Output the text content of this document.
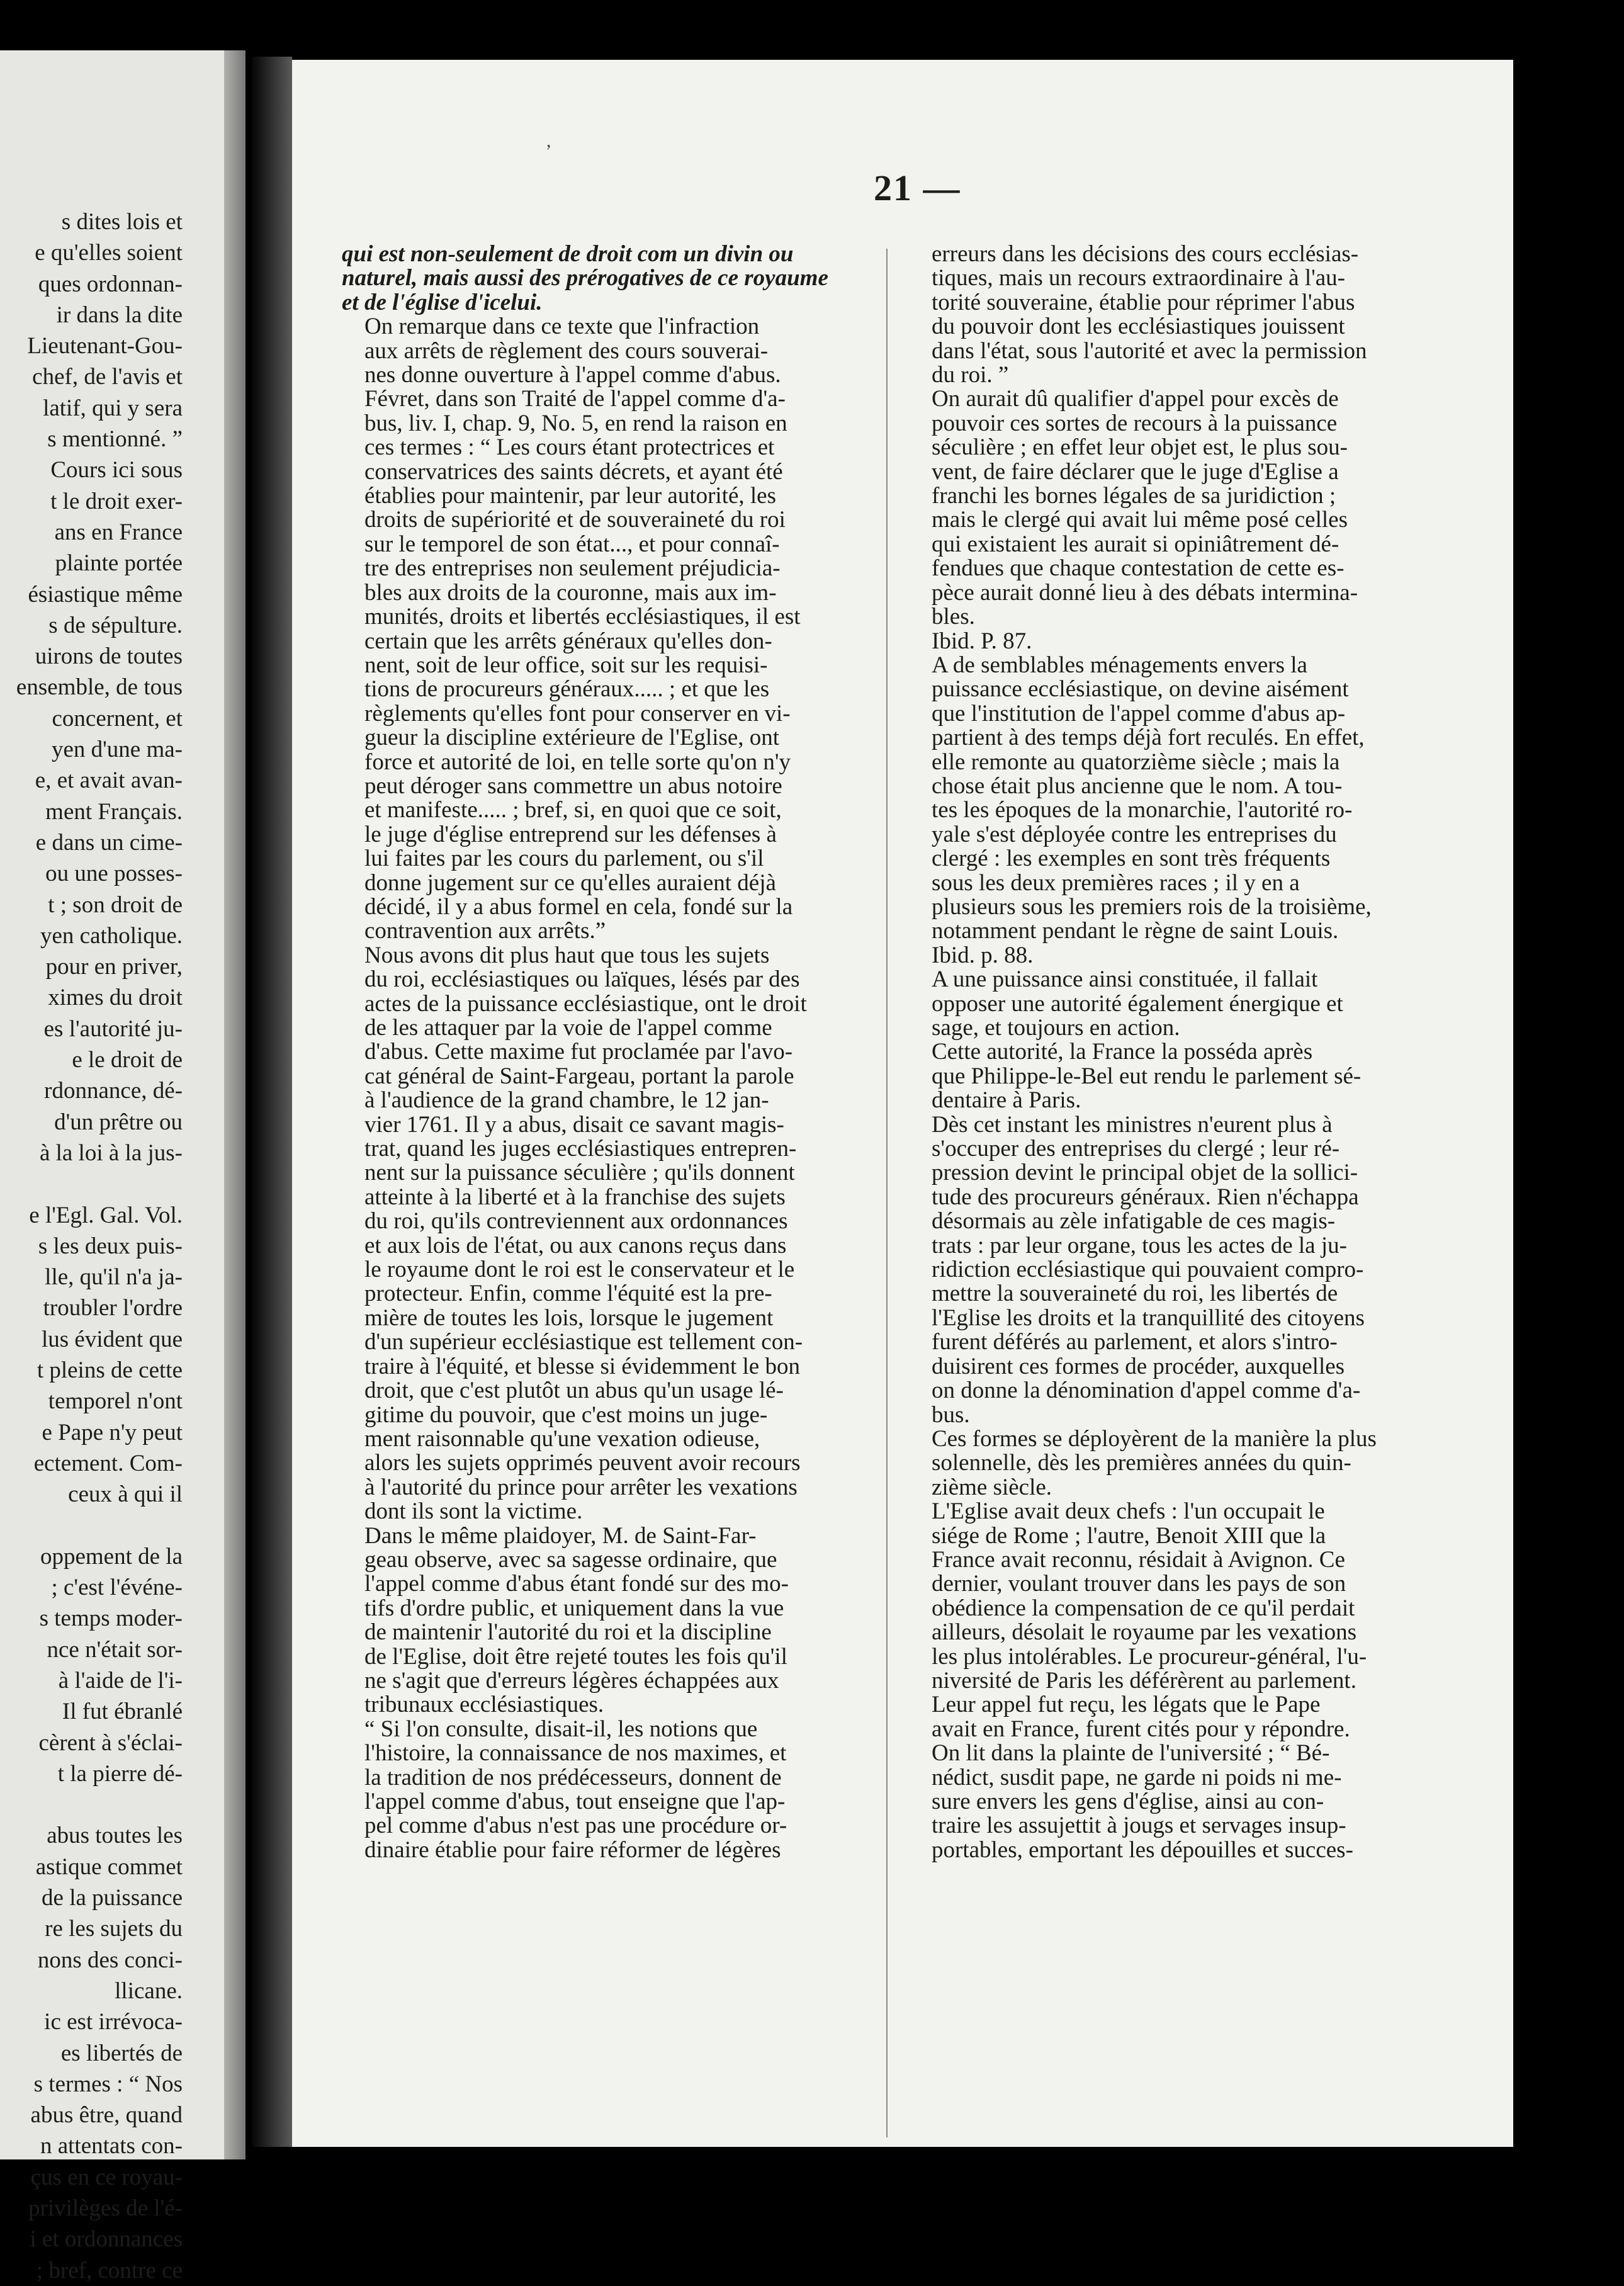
s dites lois et
e qu'elles soient
ques ordonnan-
ir dans la dite
Lieutenant-Gou-
chef, de l'avis et
latif, qui y sera
s mentionné. ”
Cours ici sous
t le droit exer-
ans en France
plainte portée
ésiastique même
s de sépulture.
uirons de toutes
ensemble, de tous
concernent, et
yen d'une ma-
e, et avait avan-
ment Français.
e dans un cime-
ou une posses-
t ; son droit de
yen catholique.
pour en priver,
ximes du droit
es l'autorité ju-
e le droit de
rdonnance, dé-
d'un prêtre ou
à la loi à la jus-

e l'Egl. Gal. Vol.
s les deux puis-
lle, qu'il n'a ja-
troubler l'ordre
lus évident que
t pleins de cette
temporel n'ont
e Pape n'y peut
ectement. Com-
ceux à qui il

oppement de la
; c'est l'événe-
s temps moder-
nce n'était sor-
à l'aide de l'i-
Il fut ébranlé
cèrent à s'éclai-
t la pierre dé-

abus toutes les
astique commet
de la puissance
re les sujets du
nons des conci-
llicane.
ic est irrévoca-
es libertés de
s termes : “ Nos
abus être, quand
n attentats con-
çus en ce royau-
privilèges de l'é-
i et ordonnances
; bref, contre ce
,
21 —

qui est non-seulement de droit com un divin ou
naturel, mais aussi des prérogatives de ce royaume
et de l'église d'icelui.

On remarque dans ce texte que l'infraction
aux arrêts de règlement des cours souverai-
nes donne ouverture à l'appel comme d'abus.
Févret, dans son Traité de l'appel comme d'a-
bus, liv. I, chap. 9, No. 5, en rend la raison en
ces termes : “ Les cours étant protectrices et
conservatrices des saints décrets, et ayant été
établies pour maintenir, par leur autorité, les
droits de supériorité et de souveraineté du roi
sur le temporel de son état..., et pour connaî-
tre des entreprises non seulement préjudicia-
bles aux droits de la couronne, mais aux im-
munités, droits et libertés ecclésiastiques, il est
certain que les arrêts généraux qu'elles don-
nent, soit de leur office, soit sur les requisi-
tions de procureurs généraux..... ; et que les
règlements qu'elles font pour conserver en vi-
gueur la discipline extérieure de l'Eglise, ont
force et autorité de loi, en telle sorte qu'on n'y
peut déroger sans commettre un abus notoire
et manifeste..... ; bref, si, en quoi que ce soit,
le juge d'église entreprend sur les défenses à
lui faites par les cours du parlement, ou s'il
donne jugement sur ce qu'elles auraient déjà
décidé, il y a abus formel en cela, fondé sur la
contravention aux arrêts.”

Nous avons dit plus haut que tous les sujets
du roi, ecclésiastiques ou laïques, lésés par des
actes de la puissance ecclésiastique, ont le droit
de les attaquer par la voie de l'appel comme
d'abus. Cette maxime fut proclamée par l'avo-
cat général de Saint-Fargeau, portant la parole
à l'audience de la grand chambre, le 12 jan-
vier 1761. Il y a abus, disait ce savant magis-
trat, quand les juges ecclésiastiques entrepren-
nent sur la puissance séculière ; qu'ils donnent
atteinte à la liberté et à la franchise des sujets
du roi, qu'ils contreviennent aux ordonnances
et aux lois de l'état, ou aux canons reçus dans
le royaume dont le roi est le conservateur et le
protecteur. Enfin, comme l'équité est la pre-
mière de toutes les lois, lorsque le jugement
d'un supérieur ecclésiastique est tellement con-
traire à l'équité, et blesse si évidemment le bon
droit, que c'est plutôt un abus qu'un usage lé-
gitime du pouvoir, que c'est moins un juge-
ment raisonnable qu'une vexation odieuse,
alors les sujets opprimés peuvent avoir recours
à l'autorité du prince pour arrêter les vexations
dont ils sont la victime.

Dans le même plaidoyer, M. de Saint-Far-
geau observe, avec sa sagesse ordinaire, que
l'appel comme d'abus étant fondé sur des mo-
tifs d'ordre public, et uniquement dans la vue
de maintenir l'autorité du roi et la discipline
de l'Eglise, doit être rejeté toutes les fois qu'il
ne s'agit que d'erreurs légères échappées aux
tribunaux ecclésiastiques.

“ Si l'on consulte, disait-il, les notions que
l'histoire, la connaissance de nos maximes, et
la tradition de nos prédécesseurs, donnent de
l'appel comme d'abus, tout enseigne que l'ap-
pel comme d'abus n'est pas une procédure or-
dinaire établie pour faire réformer de légères

erreurs dans les décisions des cours ecclésias-
tiques, mais un recours extraordinaire à l'au-
torité souveraine, établie pour réprimer l'abus
du pouvoir dont les ecclésiastiques jouissent
dans l'état, sous l'autorité et avec la permission
du roi. ”

On aurait dû qualifier d'appel pour excès de
pouvoir ces sortes de recours à la puissance
séculière ; en effet leur objet est, le plus sou-
vent, de faire déclarer que le juge d'Eglise a
franchi les bornes légales de sa juridiction ;
mais le clergé qui avait lui même posé celles
qui existaient les aurait si opiniâtrement dé-
fendues que chaque contestation de cette es-
pèce aurait donné lieu à des débats intermina-
bles.

Ibid. P. 87.

A de semblables ménagements envers la
puissance ecclésiastique, on devine aisément
que l'institution de l'appel comme d'abus ap-
partient à des temps déjà fort reculés. En effet,
elle remonte au quatorzième siècle ; mais la
chose était plus ancienne que le nom. A tou-
tes les époques de la monarchie, l'autorité ro-
yale s'est déployée contre les entreprises du
clergé : les exemples en sont très fréquents
sous les deux premières races ; il y en a
plusieurs sous les premiers rois de la troisième,
notamment pendant le règne de saint Louis.

Ibid. p. 88.

A une puissance ainsi constituée, il fallait
opposer une autorité également énergique et
sage, et toujours en action.

Cette autorité, la France la posséda après
que Philippe-le-Bel eut rendu le parlement sé-
dentaire à Paris.

Dès cet instant les ministres n'eurent plus à
s'occuper des entreprises du clergé ; leur ré-
pression devint le principal objet de la sollici-
tude des procureurs généraux. Rien n'échappa
désormais au zèle infatigable de ces magis-
trats : par leur organe, tous les actes de la ju-
ridiction ecclésiastique qui pouvaient compro-
mettre la souveraineté du roi, les libertés de
l'Eglise les droits et la tranquillité des citoyens
furent déférés au parlement, et alors s'intro-
duisirent ces formes de procéder, auxquelles
on donne la dénomination d'appel comme d'a-
bus.

Ces formes se déployèrent de la manière la plus
solennelle, dès les premières années du quin-
zième siècle.

L'Eglise avait deux chefs : l'un occupait le
siége de Rome ; l'autre, Benoit XIII que la
France avait reconnu, résidait à Avignon. Ce
dernier, voulant trouver dans les pays de son
obédience la compensation de ce qu'il perdait
ailleurs, désolait le royaume par les vexations
les plus intolérables. Le procureur-général, l'u-
niversité de Paris les déférèrent au parlement.

Leur appel fut reçu, les légats que le Pape
avait en France, furent cités pour y répondre.

On lit dans la plainte de l'université ; “ Bé-
nédict, susdit pape, ne garde ni poids ni me-
sure envers les gens d'église, ainsi au con-
traire les assujettit à jougs et servages insup-
portables, emportant les dépouilles et succes-
